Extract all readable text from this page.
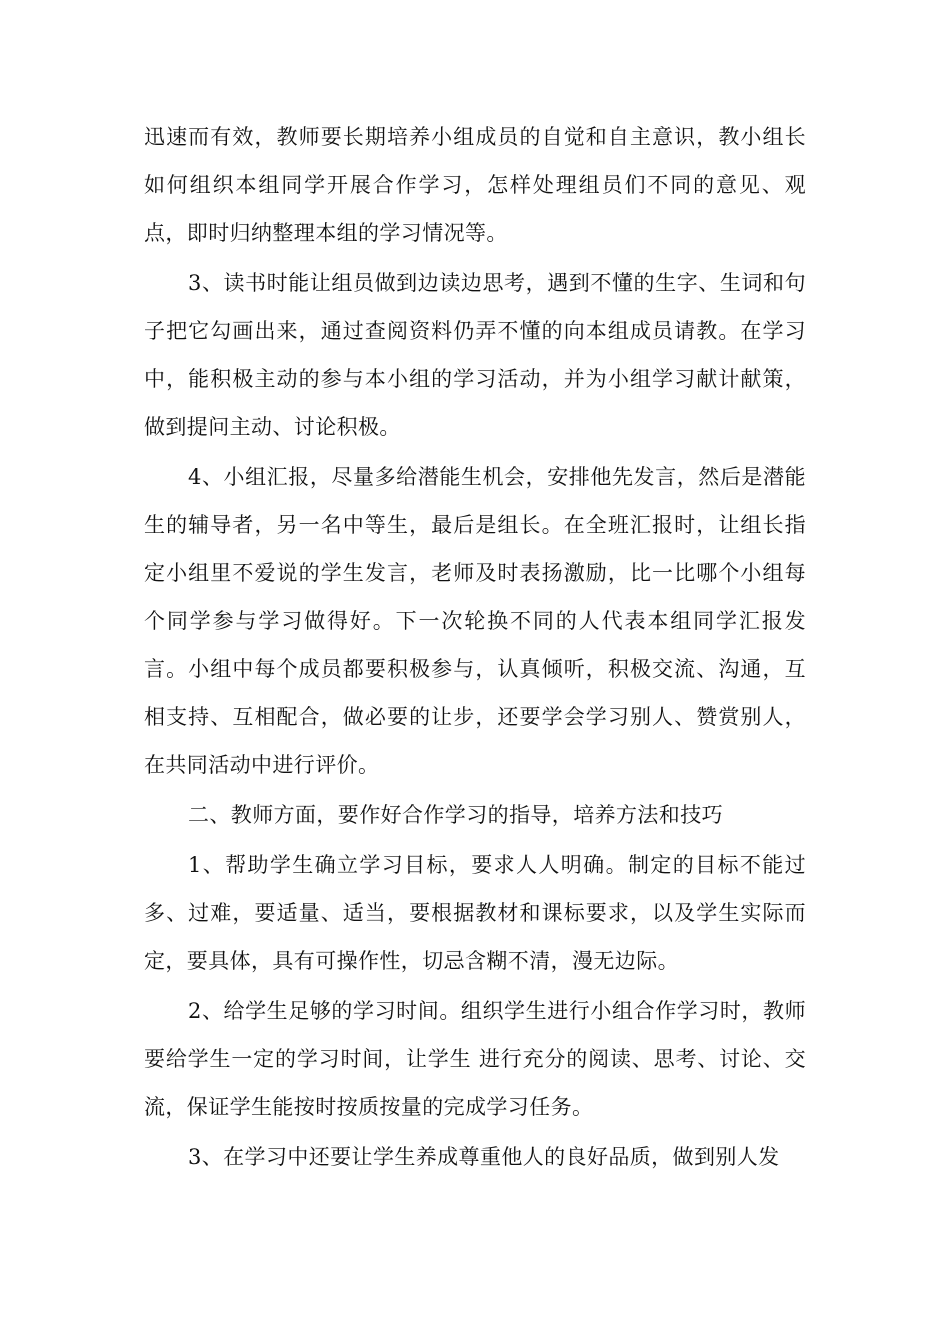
迅速而有效，教师要长期培养小组成员的自觉和自主意识，教小组长如何组织本组同学开展合作学习，怎样处理组员们不同的意见、观点，即时归纳整理本组的学习情况等。

3、读书时能让组员做到边读边思考，遇到不懂的生字、生词和句子把它勾画出来，通过查阅资料仍弄不懂的向本组成员请教。在学习中，能积极主动的参与本小组的学习活动，并为小组学习献计献策，做到提问主动、讨论积极。

4、小组汇报，尽量多给潜能生机会，安排他先发言，然后是潜能生的辅导者，另一名中等生，最后是组长。在全班汇报时，让组长指定小组里不爱说的学生发言，老师及时表扬激励，比一比哪个小组每个同学参与学习做得好。下一次轮换不同的人代表本组同学汇报发言。小组中每个成员都要积极参与，认真倾听，积极交流、沟通，互相支持、互相配合，做必要的让步，还要学会学习别人、赞赏别人，在共同活动中进行评价。

二、教师方面，要作好合作学习的指导，培养方法和技巧

1、帮助学生确立学习目标，要求人人明确。制定的目标不能过多、过难，要适量、适当，要根据教材和课标要求，以及学生实际而定，要具体，具有可操作性，切忌含糊不清，漫无边际。

2、给学生足够的学习时间。组织学生进行小组合作学习时，教师要给学生一定的学习时间，让学生 进行充分的阅读、思考、讨论、交流，保证学生能按时按质按量的完成学习任务。

3、在学习中还要让学生养成尊重他人的良好品质，做到别人发
